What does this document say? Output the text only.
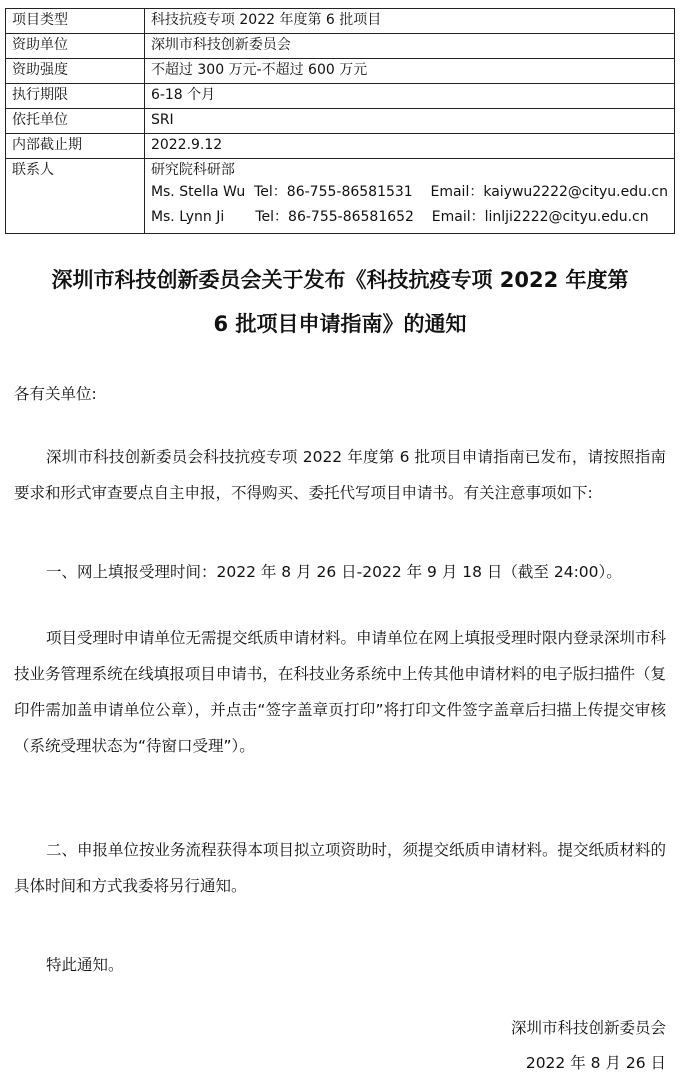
项目类型	科技抗疫专项 2022 年度第 6 批项目
资助单位	深圳市科技创新委员会
资助强度	不超过 300 万元-不超过 600 万元
执行期限	6-18 个月
依托单位	SRI
内部截止期	2022.9.12
联系人	研究院科研部
Ms. Stella Wu  Tel：86-755-86581531    Email：kaiywu2222@cityu.edu.cn
Ms. Lynn Ji       Tel：86-755-86581652    Email：linlji2222@cityu.edu.cn
深圳市科技创新委员会关于发布《科技抗疫专项 2022 年度第
6 批项目申请指南》的通知
各有关单位:
深圳市科技创新委员会科技抗疫专项 2022 年度第 6 批项目申请指南已发布，请按照指南要求和形式审查要点自主申报，不得购买、委托代写项目申请书。有关注意事项如下:
一、网上填报受理时间：2022 年 8 月 26 日-2022 年 9 月 18 日（截至 24:00）。
项目受理时申请单位无需提交纸质申请材料。申请单位在网上填报受理时限内登录深圳市科技业务管理系统在线填报项目申请书，在科技业务系统中上传其他申请材料的电子版扫描件（复印件需加盖申请单位公章），并点击“签字盖章页打印”将打印文件签字盖章后扫描上传提交审核（系统受理状态为“待窗口受理”）。
二、申报单位按业务流程获得本项目拟立项资助时，须提交纸质申请材料。提交纸质材料的具体时间和方式我委将另行通知。
特此通知。
深圳市科技创新委员会
2022 年 8 月 26 日
